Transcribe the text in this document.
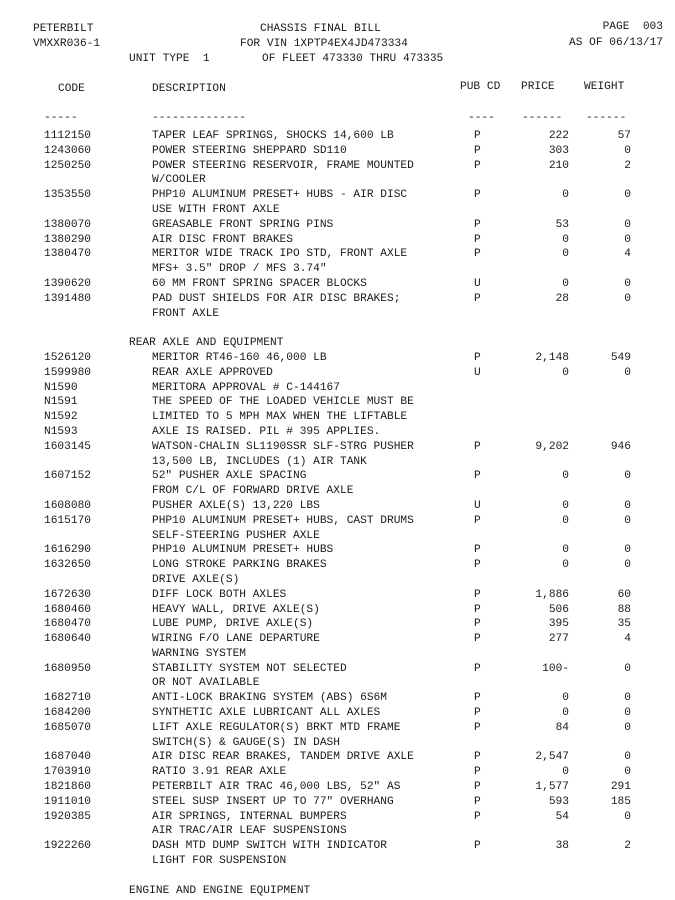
PETERBILT
VMXXR036-1
CHASSIS FINAL BILL
FOR VIN 1XPTP4EX4JD473334
UNIT TYPE  1	OF FLEET 473330 THRU 473335
PAGE  003
AS OF 06/13/17
CODE	DESCRIPTION	PUB CD PRICE	WEIGHT
-----	--------------	---- ------ ------
1112150	TAPER LEAF SPRINGS, SHOCKS 14,600 LB	P	222	57
1243060	POWER STEERING SHEPPARD SD110	P	303	0
1250250	POWER STEERING RESERVOIR, FRAME MOUNTED	P	210	2
W/COOLER
1353550	PHP10 ALUMINUM PRESET+ HUBS - AIR DISC	P	0	0
USE WITH FRONT AXLE
1380070	GREASABLE FRONT SPRING PINS	P	53	0
1380290	AIR DISC FRONT BRAKES	P	0	0
1380470	MERITOR WIDE TRACK IPO STD, FRONT AXLE	P	0	4
MFS+ 3.5" DROP / MFS 3.74"
1390620	60 MM FRONT SPRING SPACER BLOCKS	U	0	0
1391480	PAD DUST SHIELDS FOR AIR DISC BRAKES;	P	28	0
FRONT AXLE
REAR AXLE AND EQUIPMENT
1526120	MERITOR RT46-160 46,000 LB	P	2,148	549
1599980	REAR AXLE APPROVED	U	0	0
N1590	MERITORA APPROVAL # C-144167
N1591	THE SPEED OF THE LOADED VEHICLE MUST BE
N1592	LIMITED TO 5 MPH MAX WHEN THE LIFTABLE
N1593	AXLE IS RAISED. PIL # 395 APPLIES.
1603145	WATSON-CHALIN SL1190SSR SLF-STRG PUSHER	P	9,202	946
13,500 LB, INCLUDES (1) AIR TANK
1607152	52" PUSHER AXLE SPACING	P	0	0
FROM C/L OF FORWARD DRIVE AXLE
1608080	PUSHER AXLE(S) 13,220 LBS	U	0	0
1615170	PHP10 ALUMINUM PRESET+ HUBS, CAST DRUMS	P	0	0
SELF-STEERING PUSHER AXLE
1616290	PHP10 ALUMINUM PRESET+ HUBS	P	0	0
1632650	LONG STROKE PARKING BRAKES	P	0	0
DRIVE AXLE(S)
1672630	DIFF LOCK BOTH AXLES	P	1,886	60
1680460	HEAVY WALL, DRIVE AXLE(S)	P	506	88
1680470	LUBE PUMP, DRIVE AXLE(S)	P	395	35
1680640	WIRING F/O LANE DEPARTURE	P	277	4
WARNING SYSTEM
1680950	STABILITY SYSTEM NOT SELECTED	P	100-	0
OR NOT AVAILABLE
1682710	ANTI-LOCK BRAKING SYSTEM (ABS) 6S6M	P	0	0
1684200	SYNTHETIC AXLE LUBRICANT ALL AXLES	P	0	0
1685070	LIFT AXLE REGULATOR(S) BRKT MTD FRAME	P	84	0
SWITCH(S) & GAUGE(S) IN DASH
1687040	AIR DISC REAR BRAKES, TANDEM DRIVE AXLE	P	2,547	0
1703910	RATIO 3.91 REAR AXLE	P	0	0
1821860	PETERBILT AIR TRAC 46,000 LBS, 52" AS	P	1,577	291
1911010	STEEL SUSP INSERT UP TO 77" OVERHANG	P	593	185
1920385	AIR SPRINGS, INTERNAL BUMPERS	P	54	0
AIR TRAC/AIR LEAF SUSPENSIONS
1922260	DASH MTD DUMP SWITCH WITH INDICATOR	P	38	2
LIGHT FOR SUSPENSION
ENGINE AND ENGINE EQUIPMENT
